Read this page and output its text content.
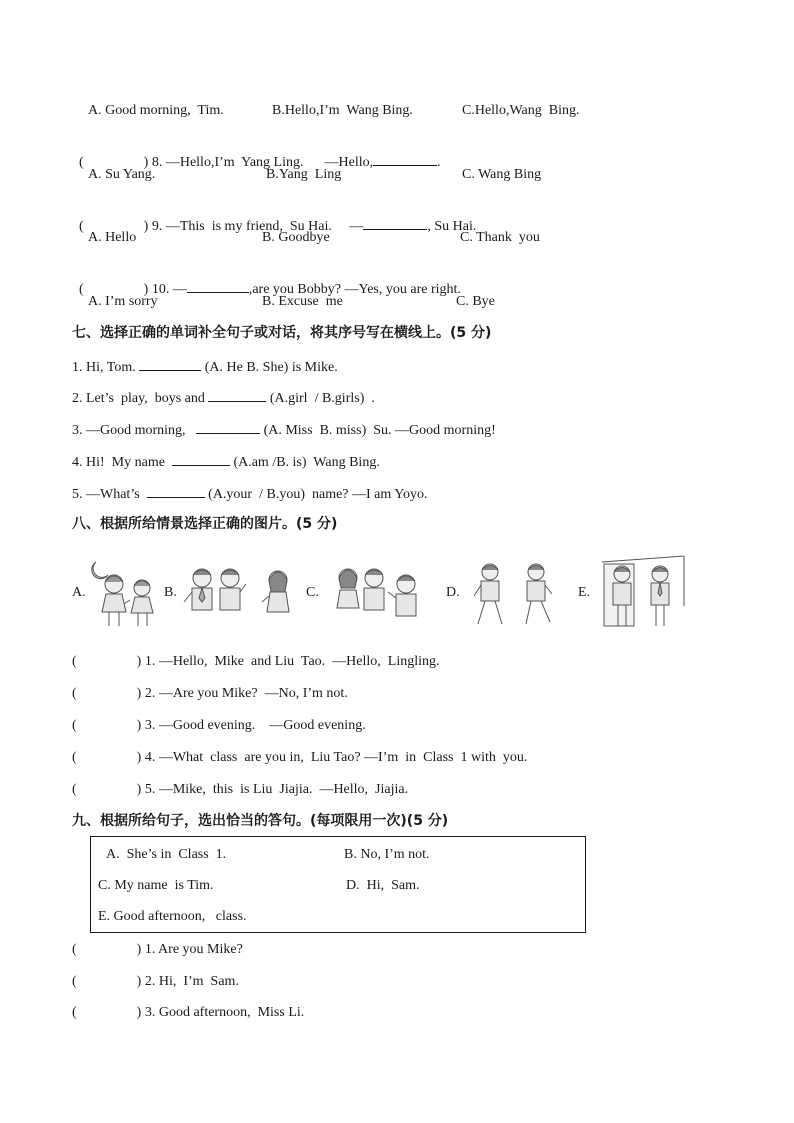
A. Good morning,  Tim.	B.Hello,I’m  Wang Bing.	C.Hello,Wang  Bing.

(	) 8. —Hello,I’m  Yang Ling.      —Hello,	.

A. Su Yang.	B.Yang  Ling	C. Wang Bing

(	) 9. —This  is my friend,  Su Hai.     —	, Su Hai.

A. Hello	B. Goodbye	C. Thank  you

(	) 10. —	,are you Bobby? —Yes, you are right.

A. I’m sorry	B. Excuse  me	C. Bye
七、选择正确的单词补全句子或对话，将其序号写在横线上。(5 分)
1. Hi, Tom.	(A. He B. She) is Mike.
2. Let’s  play,  boys and	(A.girl  / B.girls)  .
3. —Good morning,	(A. Miss  B. miss)  Su. —Good morning!
4. Hi!  My name	(A.am /B. is)  Wang Bing.
5. —What’s	(A.your  / B.you)  name? —I am Yoyo.
八、根据所给情景选择正确的图片。(5 分)
A.	B.	C.	D.	E.
(	) 1. —Hello,  Mike  and Liu  Tao.  —Hello,  Lingling.
(	) 2. —Are you Mike?  —No, I’m not.
(	) 3. —Good evening.    —Good evening.
(	) 4. —What  class  are you in,  Liu Tao? —I’m  in  Class  1 with  you.
(	) 5. —Mike,  this  is Liu  Jiajia.  —Hello,  Jiajia.
九、根据所给句子，选出恰当的答句。(每项限用一次)(5 分)
A.  She’s in  Class  1.	B. No, I’m not.
C. My name  is Tim.	D.  Hi,  Sam.
E. Good afternoon,   class.
(	) 1. Are you Mike?
(	) 2. Hi,  I’m  Sam.
(	) 3. Good afternoon,  Miss Li.
